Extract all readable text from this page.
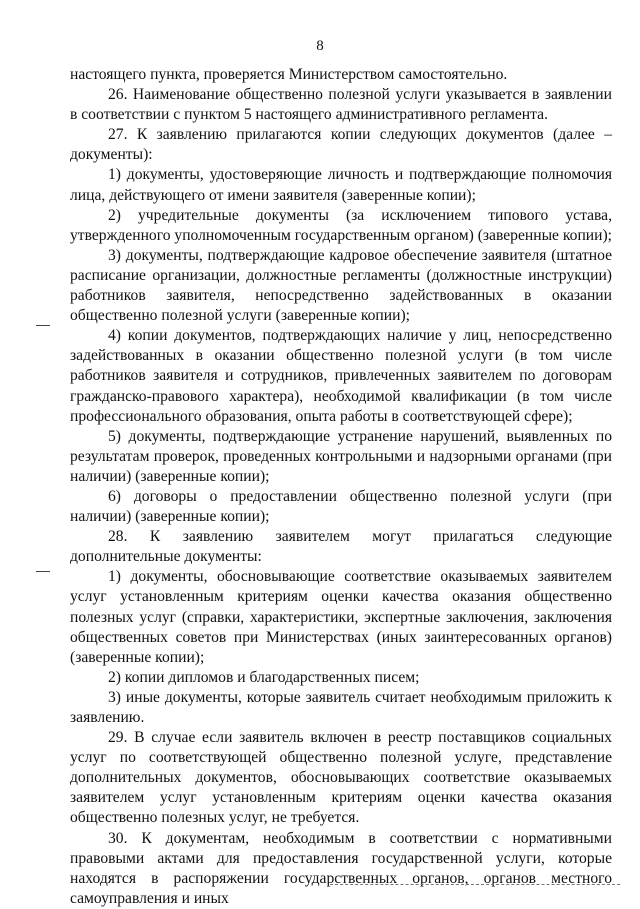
8

настоящего пункта, проверяется Министерством самостоятельно.

26. Наименование общественно полезной услуги указывается в заявлении в соответствии с пунктом 5 настоящего административного регламента.

27. К заявлению прилагаются копии следующих документов (далее – документы):

1) документы, удостоверяющие личность и подтверждающие полномочия лица, действующего от имени заявителя (заверенные копии);

2) учредительные документы (за исключением типового устава, утвержденного уполномоченным государственным органом) (заверенные копии);

3) документы, подтверждающие кадровое обеспечение заявителя (штатное расписание организации, должностные регламенты (должностные инструкции) работников заявителя, непосредственно задействованных в оказании общественно полезной услуги (заверенные копии);

4) копии документов, подтверждающих наличие у лиц, непосредственно задействованных в оказании общественно полезной услуги (в том числе работников заявителя и сотрудников, привлеченных заявителем по договорам гражданско-правового характера), необходимой квалификации (в том числе профессионального образования, опыта работы в соответствующей сфере);

5) документы, подтверждающие устранение нарушений, выявленных по результатам проверок, проведенных контрольными и надзорными органами (при наличии) (заверенные копии);

6) договоры о предоставлении общественно полезной услуги (при наличии) (заверенные копии);

28. К заявлению заявителем могут прилагаться следующие дополнительные документы:

1) документы, обосновывающие соответствие оказываемых заявителем услуг установленным критериям оценки качества оказания общественно полезных услуг (справки, характеристики, экспертные заключения, заключения общественных советов при Министерствах (иных заинтересованных органов) (заверенные копии);

2) копии дипломов и благодарственных писем;

3) иные документы, которые заявитель считает необходимым приложить к заявлению.

29. В случае если заявитель включен в реестр поставщиков социальных услуг по соответствующей общественно полезной услуге, представление дополнительных документов, обосновывающих соответствие оказываемых заявителем услуг установленным критериям оценки качества оказания общественно полезных услуг, не требуется.

30. К документам, необходимым в соответствии с нормативными правовыми актами для предоставления государственной услуги, которые находятся в распоряжении государственных органов, органов местного самоуправления и иных
